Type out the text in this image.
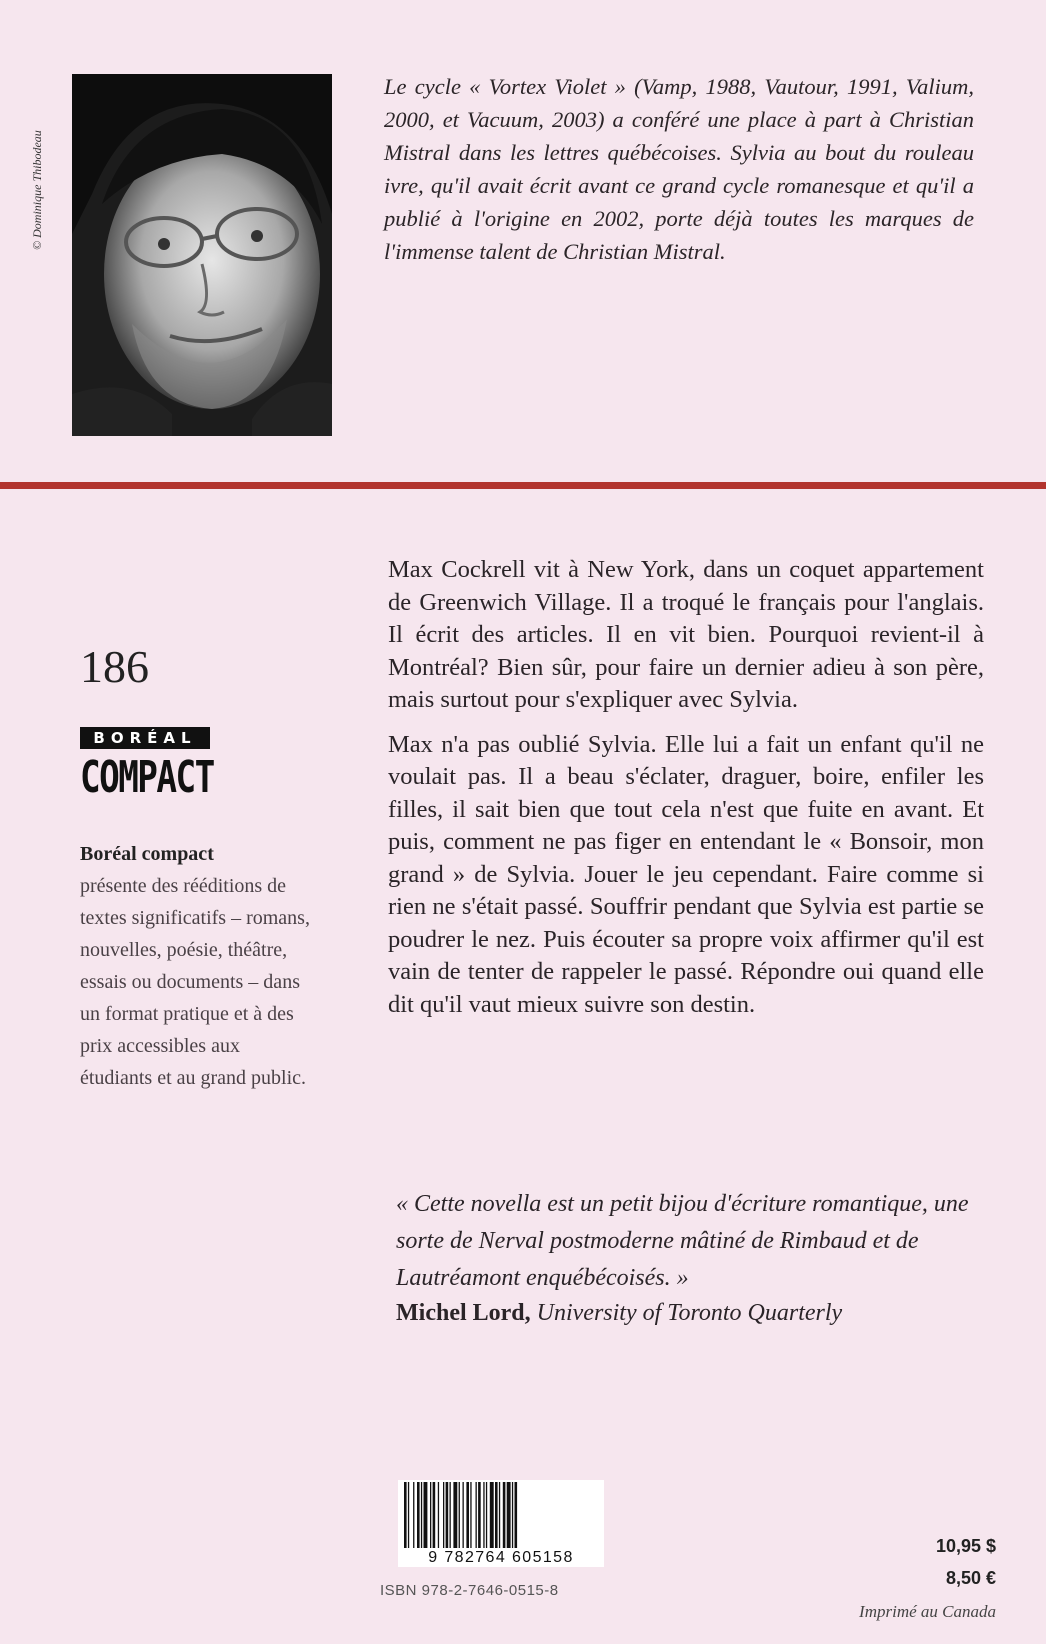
© Dominique Thibodeau
Le cycle « Vortex Violet » (Vamp, 1988, Vautour, 1991, Valium, 2000, et Vacuum, 2003) a conféré une place à part à Christian Mistral dans les lettres québécoises. Sylvia au bout du rouleau ivre, qu'il avait écrit avant ce grand cycle romanesque et qu'il a publié à l'origine en 2002, porte déjà toutes les marques de l'immense talent de Christian Mistral.
186
BORÉAL
COMPACT
Boréal compact
présente des rééditions de textes significatifs – romans, nouvelles, poésie, théâtre, essais ou documents – dans un format pratique et à des prix accessibles aux étudiants et au grand public.

Max Cockrell vit à New York, dans un coquet appartement de Greenwich Village. Il a troqué le français pour l'anglais. Il écrit des articles. Il en vit bien. Pourquoi revient-il à Montréal? Bien sûr, pour faire un dernier adieu à son père, mais surtout pour s'expliquer avec Sylvia.

Max n'a pas oublié Sylvia. Elle lui a fait un enfant qu'il ne voulait pas. Il a beau s'éclater, draguer, boire, enfiler les filles, il sait bien que tout cela n'est que fuite en avant. Et puis, comment ne pas figer en entendant le « Bonsoir, mon grand » de Sylvia. Jouer le jeu cependant. Faire comme si rien ne s'était passé. Souffrir pendant que Sylvia est partie se poudrer le nez. Puis écouter sa propre voix affirmer qu'il est vain de tenter de rappeler le passé. Répondre oui quand elle dit qu'il vaut mieux suivre son destin.

« Cette novella est un petit bijou d'écriture romantique, une sorte de Nerval postmoderne mâtiné de Rimbaud et de Lautréamont enquébécoisés. »
Michel Lord, University of Toronto Quarterly
9 782764 605158
ISBN 978-2-7646-0515-8
10,95 $
8,50 €
Imprimé au Canada
